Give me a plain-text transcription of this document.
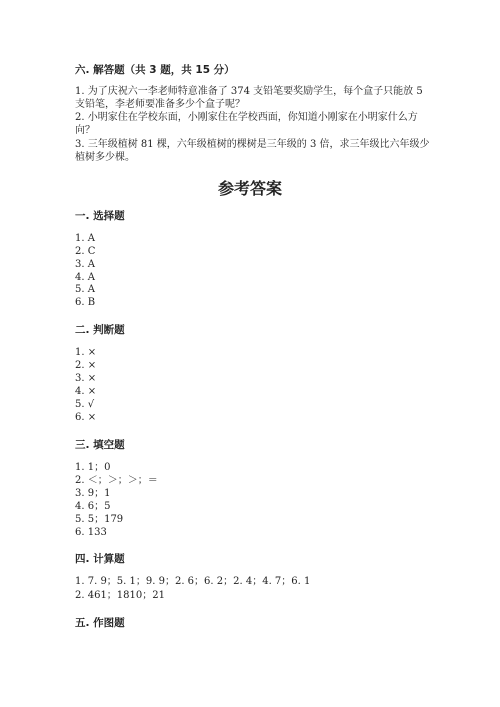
六. 解答题（共 3 题，共 15 分）
1. 为了庆祝六一李老师特意准备了 374 支铅笔要奖励学生，每个盒子只能放 5
支铅笔，李老师要准备多少个盒子呢？
2. 小明家住在学校东面，小刚家住在学校西面，你知道小刚家在小明家什么方
向？
3. 三年级植树 81 棵，六年级植树的棵树是三年级的 3 倍，求三年级比六年级少
植树多少棵。
参考答案
一. 选择题
1. A
2. C
3. A
4. A
5. A
6. B
二. 判断题
1. ×
2. ×
3. ×
4. ×
5. √
6. ×
三. 填空题
1. 1；0
2. ＜；＞；＞；＝
3. 9；1
4. 6；5
5. 5；179
6. 133
四. 计算题
1. 7. 9；5. 1；9. 9；2. 6；6. 2；2. 4；4. 7；6. 1
2. 461；1810；21
五. 作图题
